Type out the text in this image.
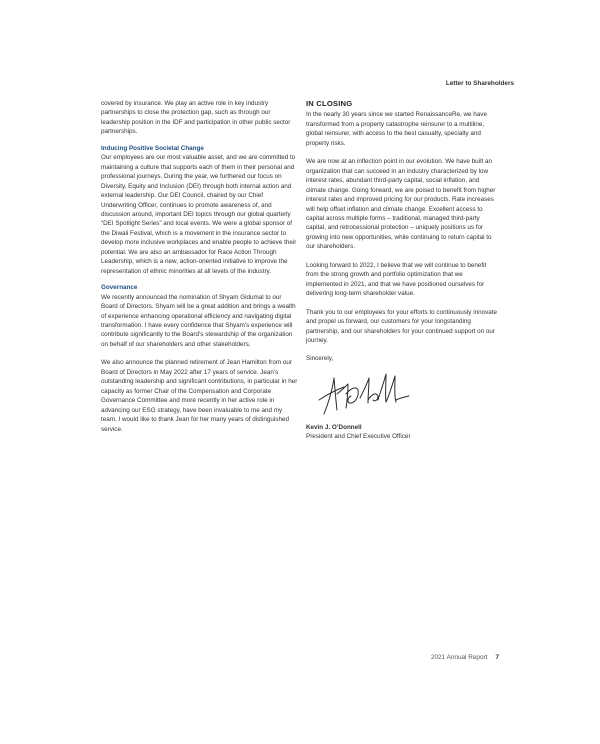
Letter to Shareholders

covered by insurance. We play an active role in key industry partnerships to close the protection gap, such as through our leadership position in the IDF and participation in other public sector partnerships.

Inducing Positive Societal Change

Our employees are our most valuable asset, and we are committed to maintaining a culture that supports each of them in their personal and professional journeys. During the year, we furthered our focus on Diversity, Equity and Inclusion (DEI) through both internal action and external leadership. Our DEI Council, chaired by our Chief Underwriting Officer, continues to promote awareness of, and discussion around, important DEI topics through our global quarterly “DEI Spotlight Series” and local events. We were a global sponsor of the Diwali Festival, which is a movement in the insurance sector to develop more inclusive workplaces and enable people to achieve their potential. We are also an ambassador for Race Action Through Leadership, which is a new, action-oriented initiative to improve the representation of ethnic minorities at all levels of the industry.

Governance

We recently announced the nomination of Shyam Gidumal to our Board of Directors. Shyam will be a great addition and brings a wealth of experience enhancing operational efficiency and navigating digital transformation. I have every confidence that Shyam’s experience will contribute significantly to the Board’s stewardship of the organization on behalf of our shareholders and other stakeholders.

We also announce the planned retirement of Jean Hamilton from our Board of Directors in May 2022 after 17 years of service. Jean’s outstanding leadership and significant contributions, in particular in her capacity as former Chair of the Compensation and Corporate Governance Committee and more recently in her active role in advancing our ESG strategy, have been invaluable to me and my team. I would like to thank Jean for her many years of distinguished service.

IN CLOSING

In the nearly 30 years since we started RenaissanceRe, we have transformed from a property catastrophe reinsurer to a multiline, global reinsurer, with access to the best casualty, specialty and property risks.

We are now at an inflection point in our evolution. We have built an organization that can succeed in an industry characterized by low interest rates, abundant third-party capital, social inflation, and climate change. Going forward, we are poised to benefit from higher interest rates and improved pricing for our products. Rate increases will help offset inflation and climate change. Excellent access to capital across multiple forms – traditional, managed third-party capital, and retrocessional protection – uniquely positions us for growing into new opportunities, while continuing to return capital to our shareholders.

Looking forward to 2022, I believe that we will continue to benefit from the strong growth and portfolio optimization that we implemented in 2021, and that we have positioned ourselves for delivering long-term shareholder value.

Thank you to our employees for your efforts to continuously innovate and propel us forward, our customers for your longstanding partnership, and our shareholders for your continued support on our journey.

Sincerely,

Kevin J. O’Donnell

President and Chief Executive Officer

2021 Annual Report 7
